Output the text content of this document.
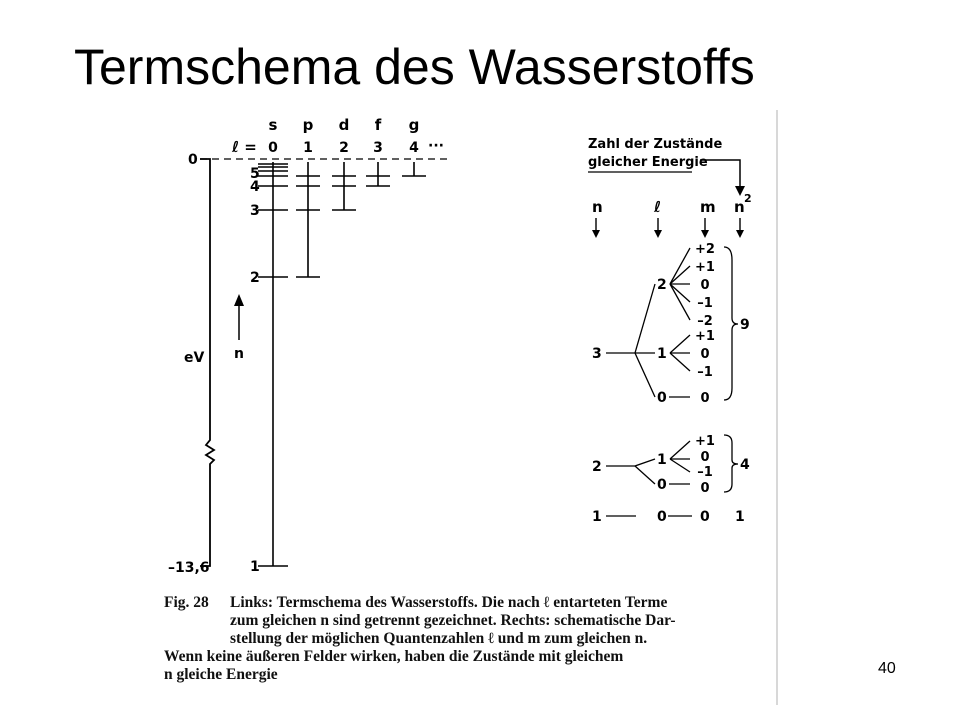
Termschema des Wasserstoffs
s p d f g
ℓ = 0 1 2 3 4 ···
0
–13,6
eV n
1
2
3
4
5
Zahl der Zustände
gleicher Energie
n	ℓ	m n 2
3
2
1
0
9
+2
+1
0
–1
–2
+1
0
–1
0
2	1
0
4
+1
0
–1
0
1	0 0 1
Fig. 28	Links: Termschema des Wasserstoffs. Die nach ℓ entarteten Terme
zum gleichen n sind getrennt gezeichnet. Rechts: schematische Dar-
stellung der möglichen Quantenzahlen ℓ und m zum gleichen n.
Wenn keine äußeren Felder wirken, haben die Zustände mit gleichem
n gleiche Energie	40
